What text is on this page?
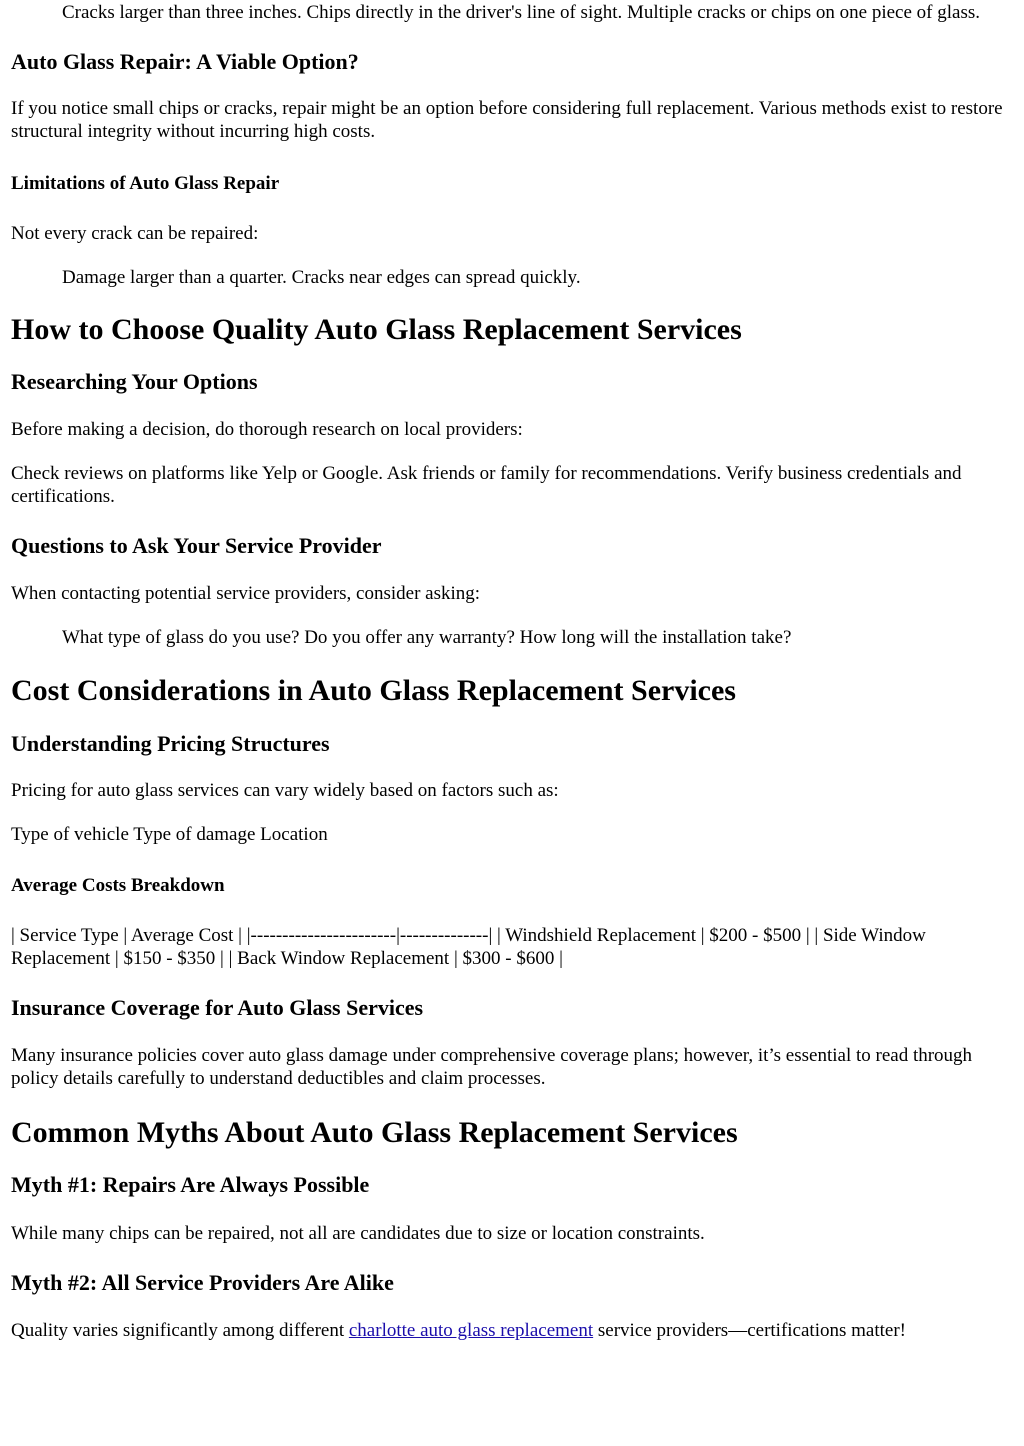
Cracks larger than three inches. Chips directly in the driver's line of sight. Multiple cracks or chips on one piece of glass.

Auto Glass Repair: A Viable Option?

If you notice small chips or cracks, repair might be an option before considering full replacement. Various methods exist to restore structural integrity without incurring high costs.

Limitations of Auto Glass Repair

Not every crack can be repaired:

Damage larger than a quarter. Cracks near edges can spread quickly.

How to Choose Quality Auto Glass Replacement Services
Researching Your Options

Before making a decision, do thorough research on local providers:

Check reviews on platforms like Yelp or Google. Ask friends or family for recommendations. Verify business credentials and certifications.

Questions to Ask Your Service Provider

When contacting potential service providers, consider asking:

What type of glass do you use? Do you offer any warranty? How long will the installation take?

Cost Considerations in Auto Glass Replacement Services
Understanding Pricing Structures

Pricing for auto glass services can vary widely based on factors such as:

Type of vehicle Type of damage Location

Average Costs Breakdown

| Service Type | Average Cost | |-----------------------|--------------| | Windshield Replacement | $200 - $500 | | Side Window Replacement | $150 - $350 | | Back Window Replacement | $300 - $600 |

Insurance Coverage for Auto Glass Services

Many insurance policies cover auto glass damage under comprehensive coverage plans; however, it’s essential to read through policy details carefully to understand deductibles and claim processes.

Common Myths About Auto Glass Replacement Services
Myth #1: Repairs Are Always Possible

While many chips can be repaired, not all are candidates due to size or location constraints.

Myth #2: All Service Providers Are Alike

Quality varies significantly among different charlotte auto glass replacement service providers—certifications matter!
